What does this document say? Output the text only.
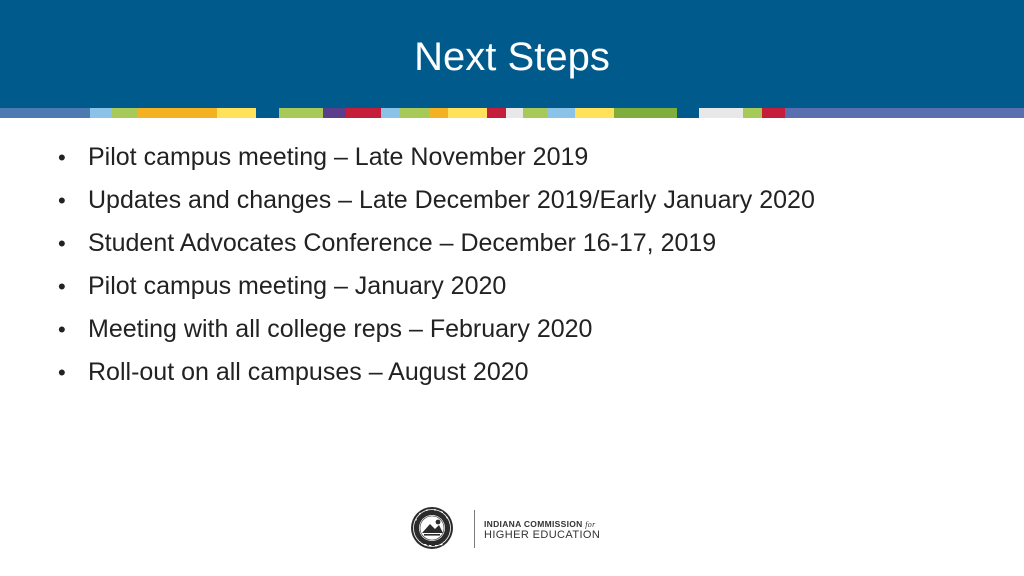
Next Steps
• Pilot campus meeting – Late November 2019
• Updates and changes – Late December 2019/Early January 2020
• Student Advocates Conference – December 16-17, 2019
• Pilot campus meeting – January 2020
• Meeting with all college reps – February 2020
• Roll-out on all campuses – August 2020
INDIANA COMMISSION for
HIGHER EDUCATION
